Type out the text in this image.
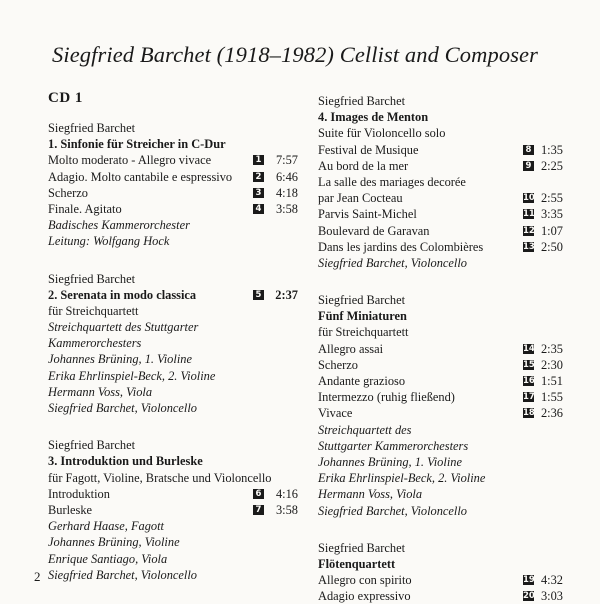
Siegfried Barchet (1918–1982) Cellist and Composer
CD 1
Siegfried Barchet
1. Sinfonie für Streicher in C-Dur
Molto moderato - Allegro vivace	1 7:57
Adagio. Molto cantabile e espressivo	2 6:46
Scherzo	3 4:18
Finale. Agitato	4 3:58
Badisches Kammerorchester
Leitung: Wolfgang Hock
Siegfried Barchet
2. Serenata in modo classica	5 2:37
für Streichquartett
Streichquartett des Stuttgarter
Kammerorchesters
Johannes Brüning, 1. Violine
Erika Ehrlinspiel-Beck, 2. Violine
Hermann Voss, Viola
Siegfried Barchet, Violoncello
Siegfried Barchet
3. Introduktion und Burleske
für Fagott, Violine, Bratsche und Violoncello
Introduktion	6 4:16
Burleske	7 3:58
Gerhard Haase, Fagott
Johannes Brüning, Violine
Enrique Santiago, Viola
Siegfried Barchet, Violoncello
Siegfried Barchet
4. Images de Menton
Suite für Violoncello solo
Festival de Musique	8 1:35
Au bord de la mer	9 2:25
La salle des mariages decorée
par Jean Cocteau	10 2:55
Parvis Saint-Michel	11 3:35
Boulevard de Garavan	12 1:07
Dans les jardins des Colombières	13 2:50
Siegfried Barchet, Violoncello
Siegfried Barchet
Fünf Miniaturen
für Streichquartett
Allegro assai	14 2:35
Scherzo	15 2:30
Andante grazioso	16 1:51
Intermezzo (ruhig fließend)	17 1:55
Vivace	18 2:36
Streichquartett des
Stuttgarter Kammerorchesters
Johannes Brüning, 1. Violine
Erika Ehrlinspiel-Beck, 2. Violine
Hermann Voss, Viola
Siegfried Barchet, Violoncello
Siegfried Barchet
Flötenquartett
Allegro con spirito	19 4:32
Adagio expressivo	20 3:03
2
